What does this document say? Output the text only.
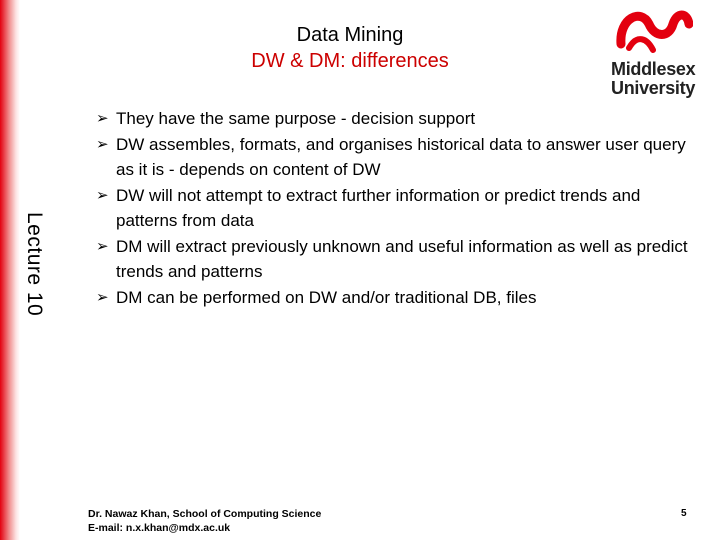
Lecture 10
Data Mining
DW & DM: differences	Middlesex
University
➢ They have the same purpose - decision support
➢ DW assembles, formats, and organises historical data to answer user query as it is - depends on content of DW
➢ DW will not attempt to extract further information or predict trends and patterns from data
➢ DM will extract previously unknown and useful information as well as predict trends and patterns
➢ DM can be performed on DW and/or traditional DB, files
Dr. Nawaz Khan, School of Computing Science
E-mail: n.x.khan@mdx.ac.uk
5
